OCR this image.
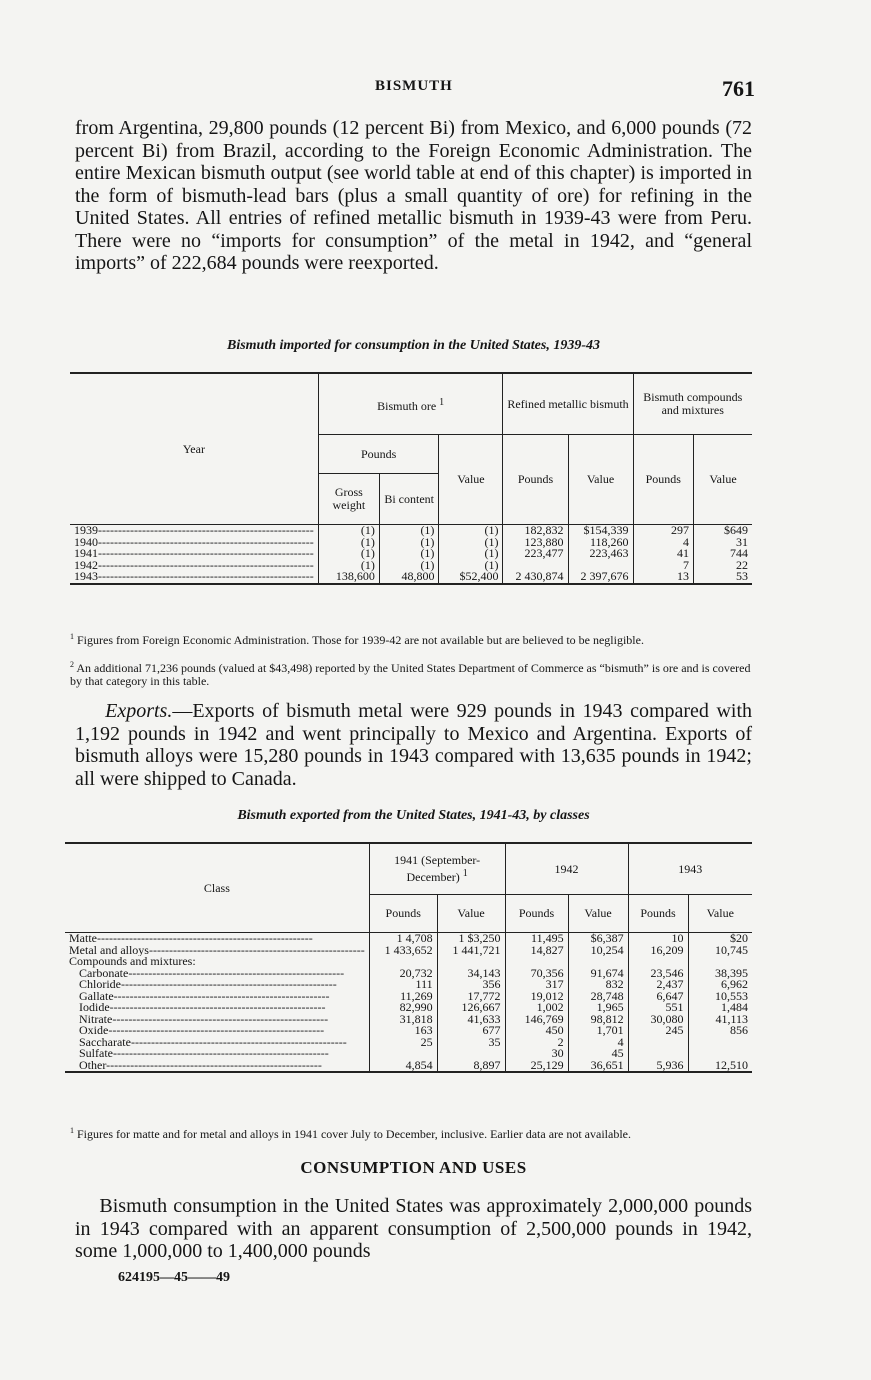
BISMUTH	761

from Argentina, 29,800 pounds (12 percent Bi) from Mexico, and 6,000 pounds (72 percent Bi) from Brazil, according to the Foreign Economic Administration. The entire Mexican bismuth output (see world table at end of this chapter) is imported in the form of bismuth-lead bars (plus a small quantity of ore) for refining in the United States. All entries of refined metallic bismuth in 1939-43 were from Peru. There were no “imports for consumption” of the metal in 1942, and “general imports” of 222,684 pounds were reexported.

Bismuth imported for consumption in the United States, 1939-43

Year	Bismuth ore $^1$			Refined metallic bismuth		Bismuth compounds and mixtures	
	Pounds		Value	Pounds	Value	Pounds	Value
	Gross weight	Bi content					
1939 -----	(1)	(1)	(1)	182,832	$154,339	297	$649
1940 -----	(1)	(1)	(1)	123,880	118,260	4	31
1941 -----	(1)	(1)	(1)	223,477	223,463	41	744
1942 -----	(1)	(1)	(1)			7	22
1943 -----	138,600	48,800	$52,400	2 430,874	2 397,676	13	53

$^1$ Figures from Foreign Economic Administration. Those for 1939-42 are not available but are believed to be negligible.

$^2$ An additional 71,236 pounds (valued at $43,498) reported by the United States Department of Commerce as “bismuth” is ore and is covered by that category in this table.

Exports.—Exports of bismuth metal were 929 pounds in 1943 compared with 1,192 pounds in 1942 and went principally to Mexico and Argentina. Exports of bismuth alloys were 15,280 pounds in 1943 compared with 13,635 pounds in 1942; all were shipped to Canada.

Bismuth exported from the United States, 1941-43, by classes

Class	1941 (September-December) $^1$		1942		1943	
	Pounds	Value	Pounds	Value	Pounds	Value
Matte -----	1 4,708	1 $3,250	11,495	$6,387	10	$20
Metal and alloys -----	1 433,652	1 441,721	14,827	10,254	16,209	10,745
Compounds and mixtures:						
Carbonate -----	20,732	34,143	70,356	91,674	23,546	38,395
Chloride -----	111	356	317	832	2,437	6,962
Gallate -----	11,269	17,772	19,012	28,748	6,647	10,553
Iodide -----	82,990	126,667	1,002	1,965	551	1,484
Nitrate -----	31,818	41,633	146,769	98,812	30,080	41,113
Oxide -----	163	677	450	1,701	245	856
Saccharate -----	25	35	2	4		
Sulfate -----			30	45		
Other -----	4,854	8,897	25,129	36,651	5,936	12,510

$^1$ Figures for matte and for metal and alloys in 1941 cover July to December, inclusive. Earlier data are not available.

CONSUMPTION AND USES

Bismuth consumption in the United States was approximately 2,000,000 pounds in 1943 compared with an apparent consumption of 2,500,000 pounds in 1942, some 1,000,000 to 1,400,000 pounds

624195—45——49
